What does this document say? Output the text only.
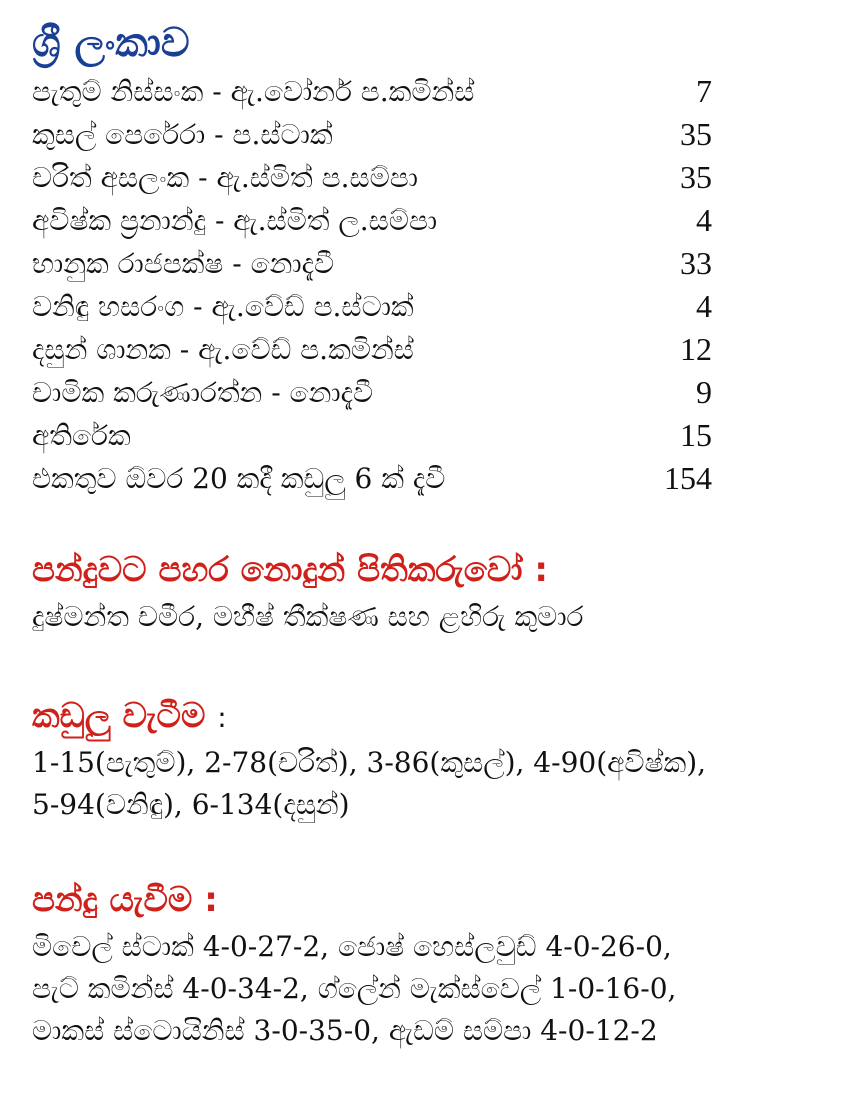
ශ්‍රී ලංකාව
පැතුම් නිස්සංක - ඇ.වෝනර් ප.කමින්ස්	7
කුසල් පෙරේරා - ප.ස්ටාක්	35
චරිත් අසලංක - ඇ.ස්මිත් ප.සම්පා	35
අවිෂ්ක ප්‍රනාන්දු - ඇ.ස්මිත් ල.සම්පා	4
භානුක රාජපක්ෂ - නොදැවී	33
වනිඳු හසරංග - ඇ.වේඩ් ප.ස්ටාක්	4
දසුන් ශානක - ඇ.වේඩ් ප.කමින්ස්	12
චාමික කරුණාරත්න - නොදැවී	9
අතිරේක	15
එකතුව ඕවර 20 කදී කඩුලු 6 ක් දැවී	154
පන්දුවට පහර නොදුන් පිතිකරුවෝ :
දුෂ්මන්ත චමීර, මහීෂ් තීක්ෂණ සහ ළහිරු කුමාර
කඩුලු වැටීම :
1-15(පැතුම්), 2-78(චරිත්), 3-86(කුසල්), 4-90(අවිෂ්ක),
5-94(වනිඳු), 6-134(දසුන්)
පන්දු යැවීම :
මිචෙල් ස්ටාක් 4-0-27-2, ජොෂ් හෙස්ලවුඩ් 4-0-26-0,
පැට් කමින්ස් 4-0-34-2, ග්ලේන් මැක්ස්වෙල් 1-0-16-0,
මාකස් ස්ටොයිනිස් 3-0-35-0, ඇඩම් සම්පා 4-0-12-2
